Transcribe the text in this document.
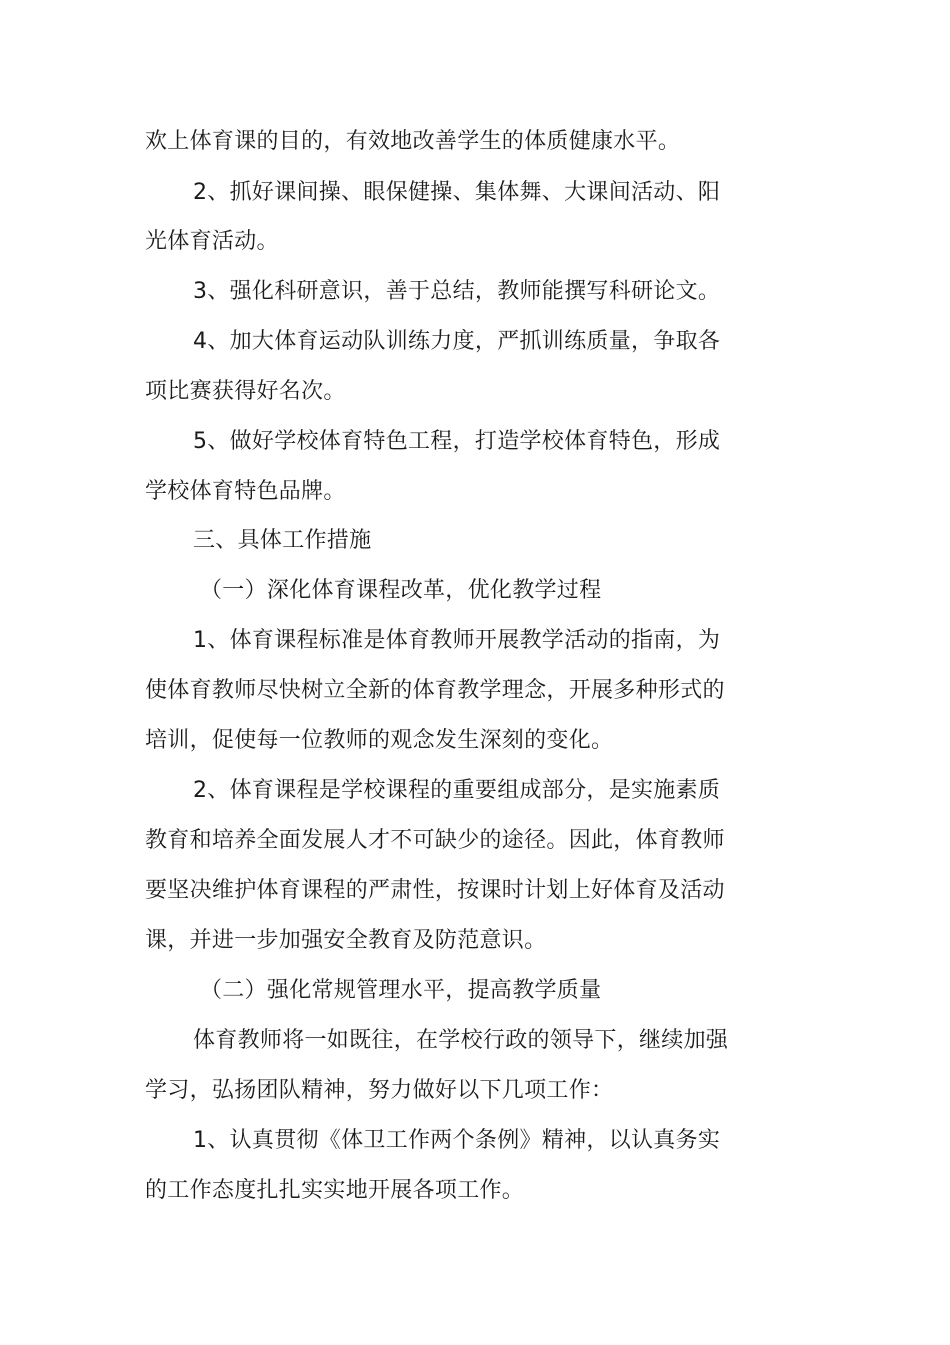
欢上体育课的目的，有效地改善学生的体质健康水平。
2、抓好课间操、眼保健操、集体舞、大课间活动、阳
光体育活动。
3、强化科研意识，善于总结，教师能撰写科研论文。
4、加大体育运动队训练力度，严抓训练质量，争取各
项比赛获得好名次。
5、做好学校体育特色工程，打造学校体育特色，形成
学校体育特色品牌。
三、具体工作措施
（一）深化体育课程改革，优化教学过程
1、体育课程标准是体育教师开展教学活动的指南，为
使体育教师尽快树立全新的体育教学理念，开展多种形式的
培训，促使每一位教师的观念发生深刻的变化。
2、体育课程是学校课程的重要组成部分，是实施素质
教育和培养全面发展人才不可缺少的途径。因此，体育教师
要坚决维护体育课程的严肃性，按课时计划上好体育及活动
课，并进一步加强安全教育及防范意识。
（二）强化常规管理水平，提高教学质量
体育教师将一如既往，在学校行政的领导下，继续加强
学习，弘扬团队精神，努力做好以下几项工作：
1、认真贯彻《体卫工作两个条例》精神，以认真务实
的工作态度扎扎实实地开展各项工作。
